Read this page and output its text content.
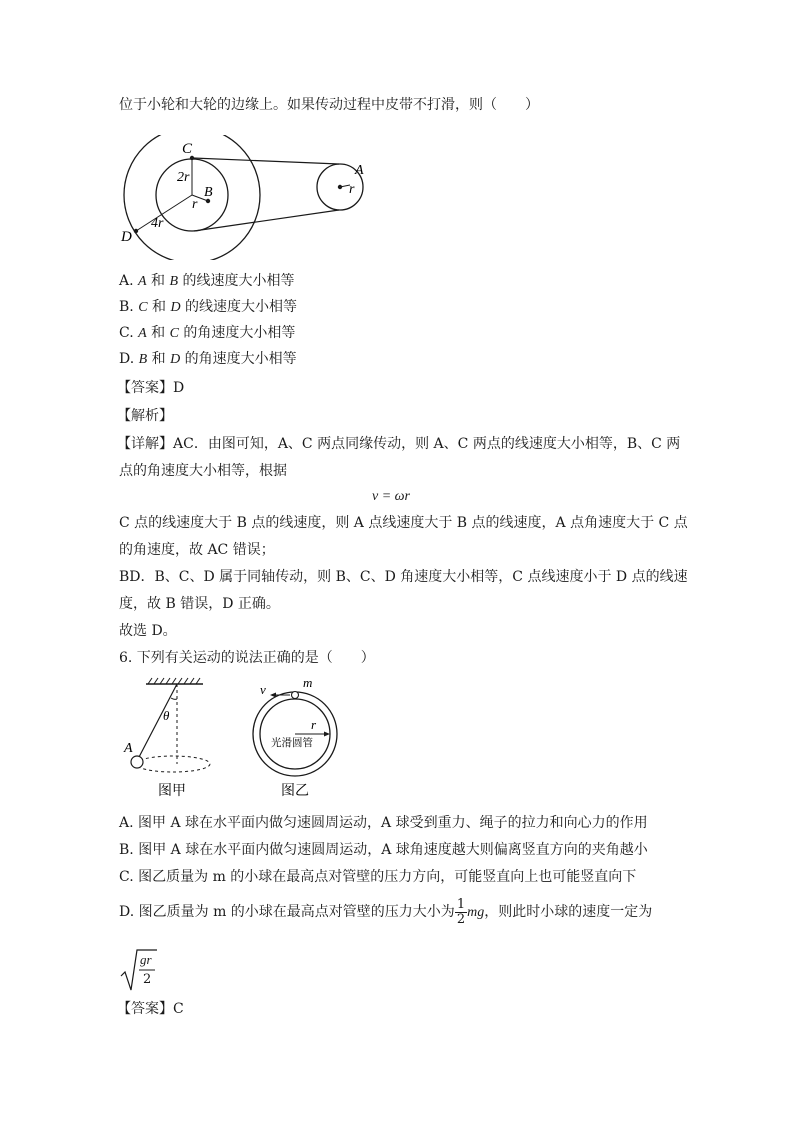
位于小轮和大轮的边缘上。如果传动过程中皮带不打滑，则（　　）
C
2r
B
r
4r
D
A
r
A. A 和 B 的线速度大小相等
B. C 和 D 的线速度大小相等
C. A 和 C 的角速度大小相等
D. B 和 D 的角速度大小相等
【答案】D
【解析】
【详解】AC．由图可知，A、C 两点同缘传动，则 A、C 两点的线速度大小相等，B、C 两
点的角速度大小相等，根据
v = ωr
C 点的线速度大于 B 点的线速度，则 A 点线速度大于 B 点的线速度，A 点角速度大于 C 点
的角速度，故 AC 错误；
BD．B、C、D 属于同轴传动，则 B、C、D 角速度大小相等，C 点线速度小于 D 点的线速
度，故 B 错误，D 正确。
故选 D。
6. 下列有关运动的说法正确的是（　　）
θ
A
图甲
v	m
r
光滑圆管
图乙
A. 图甲 A 球在水平面内做匀速圆周运动，A 球受到重力、绳子的拉力和向心力的作用
B. 图甲 A 球在水平面内做匀速圆周运动，A 球角速度越大则偏离竖直方向的夹角越小
C. 图乙质量为 m 的小球在最高点对管壁的压力方向，可能竖直向上也可能竖直向下
D. 图乙质量为 m 的小球在最高点对管壁的压力大小为 $\frac{1}{2}$ mg，则此时小球的速度一定为
gr
2
【答案】C
